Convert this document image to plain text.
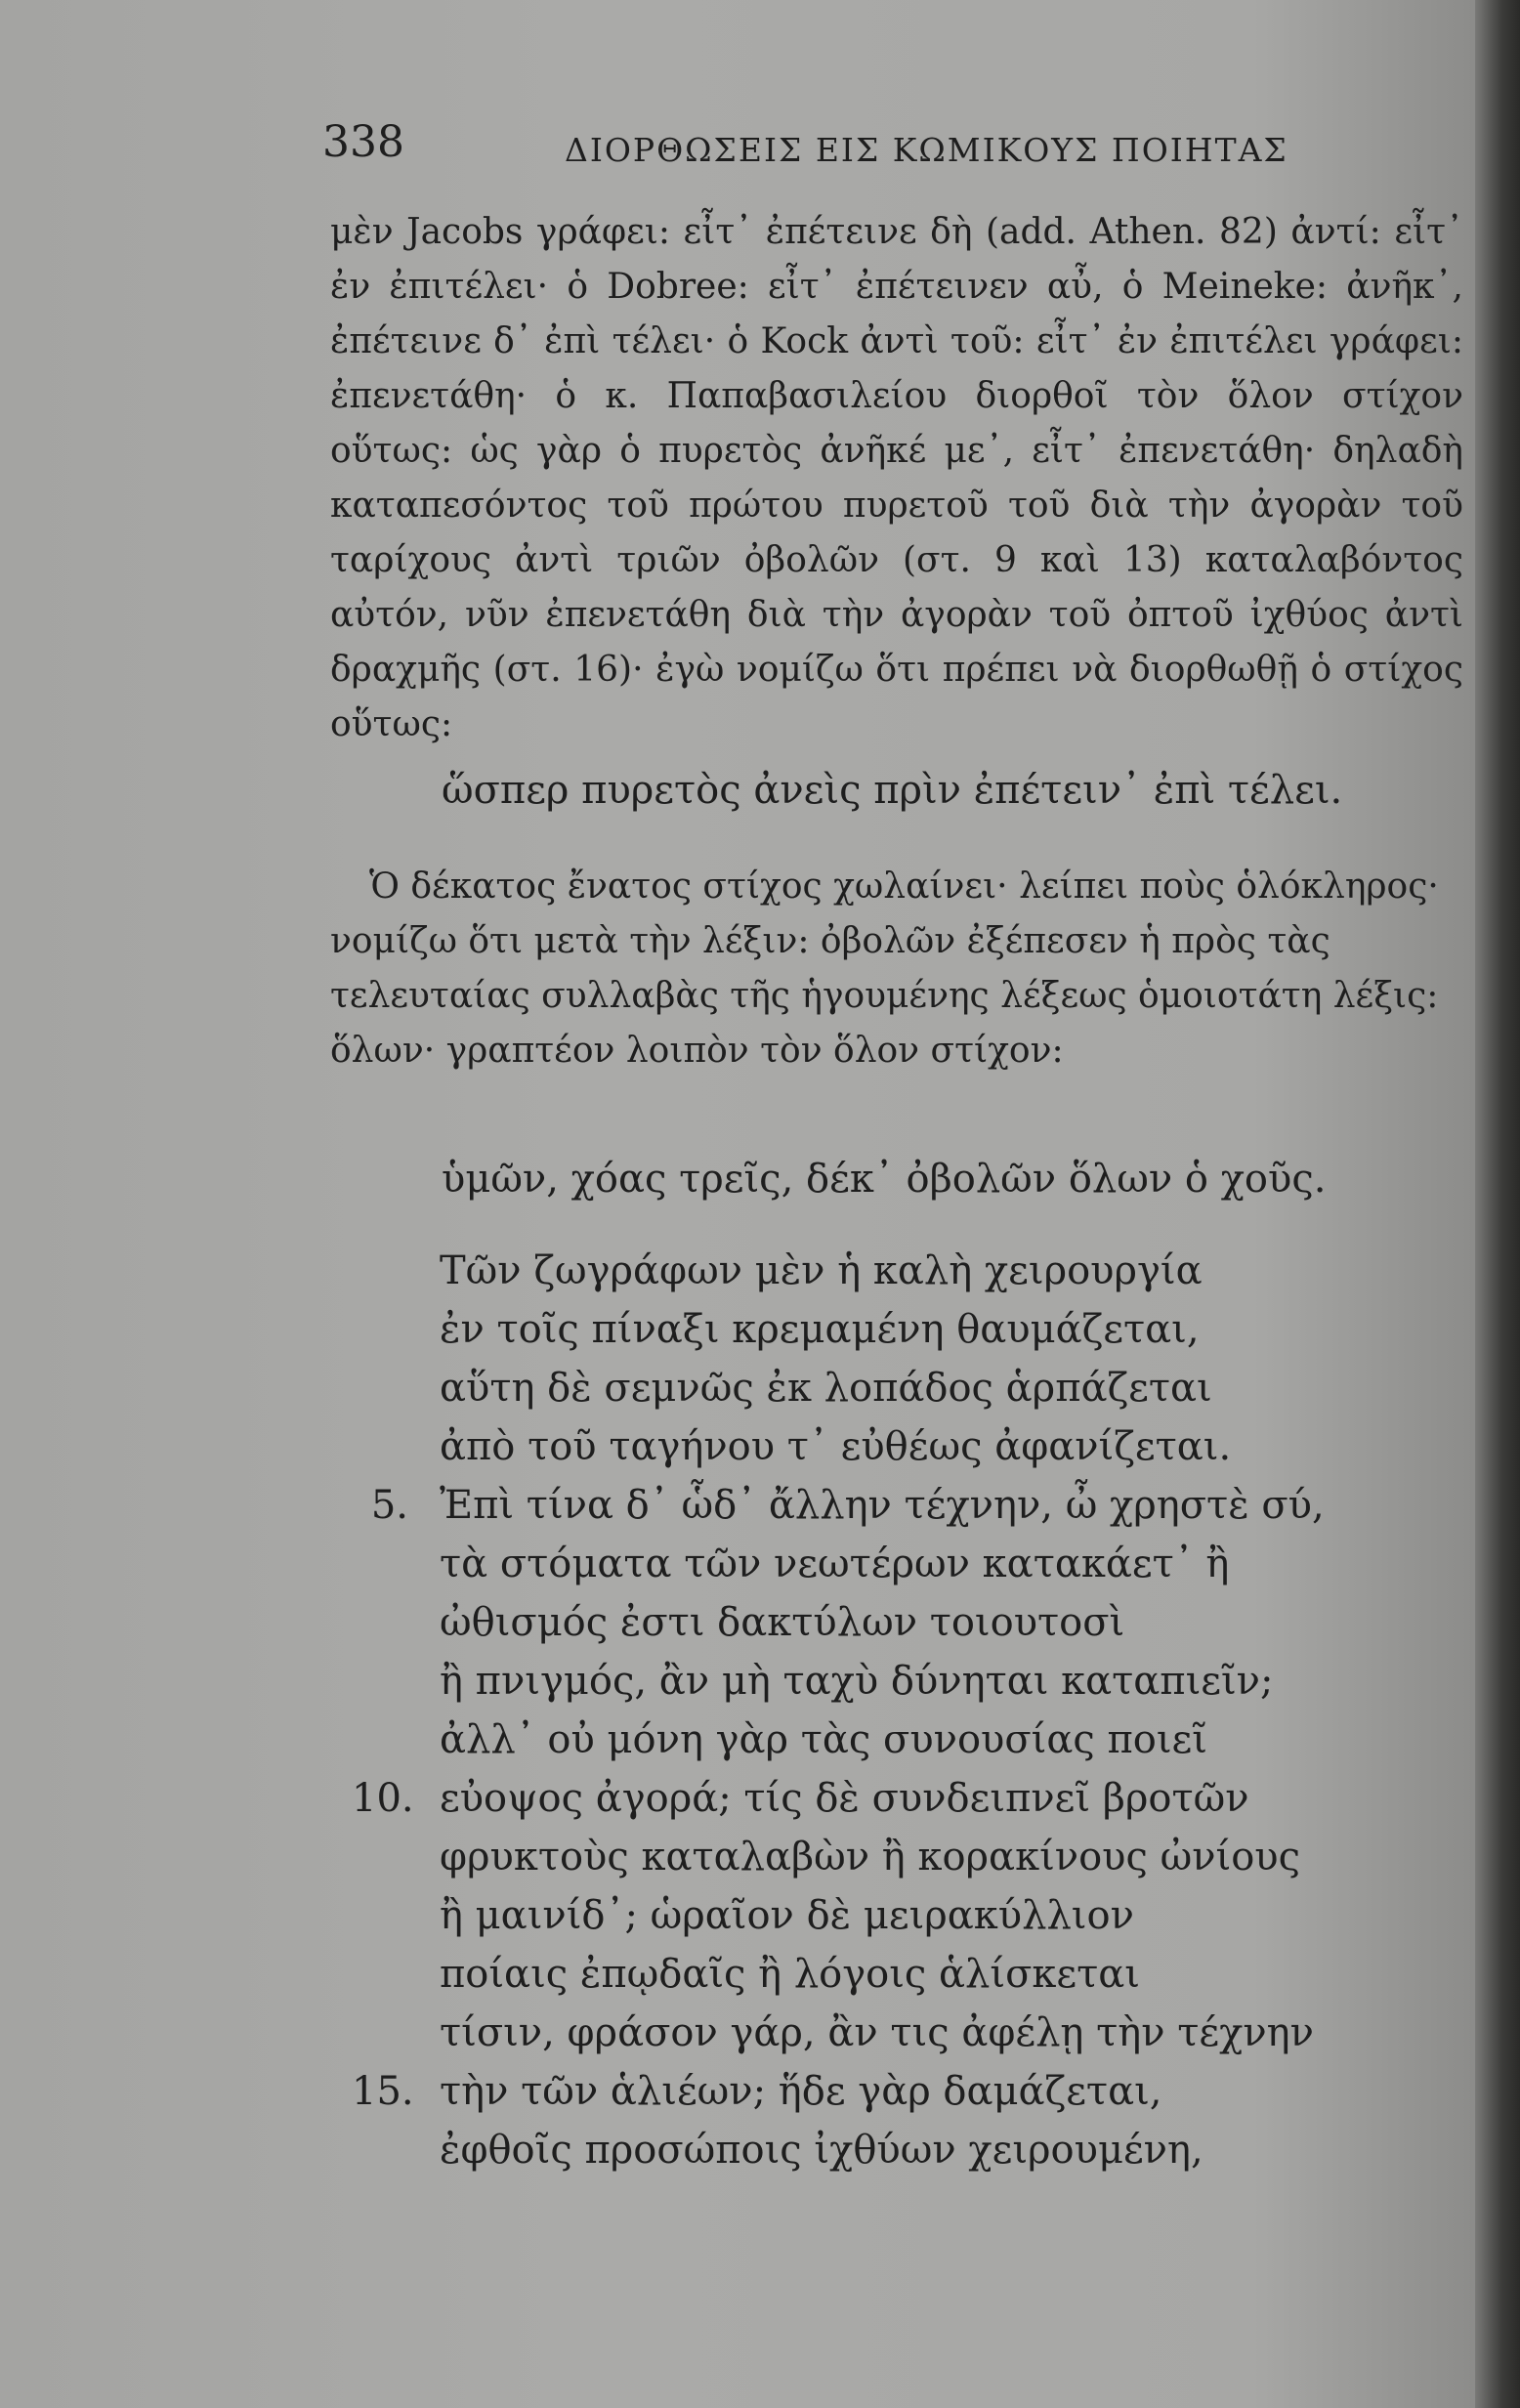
338	ΔΙΟΡΘΩΣΕΙΣ ΕΙΣ ΚΩΜΙΚΟΥΣ ΠΟΙΗΤΑΣ

μὲν Jacobs γράφει: εἶτ᾽ ἐπέτεινε δὴ (add. Athen. 82) ἀντί: εἶτ᾽ ἐν ἐπιτέλει· ὁ Dobree: εἶτ᾽ ἐπέτεινεν αὖ, ὁ Meineke: ἀνῆκ᾽, ἐπέτεινε δ᾽ ἐπὶ τέλει· ὁ Kock ἀντὶ τοῦ: εἶτ᾽ ἐν ἐπιτέλει γράφει: ἐπενετάθη· ὁ κ. Παπαβασιλείου διορθοῖ τὸν ὅλον στίχον οὕτως: ὡς γὰρ ὁ πυρετὸς ἀνῆκέ με᾽, εἶτ᾽ ἐπενετάθη· δηλαδὴ καταπεσόντος τοῦ πρώτου πυρετοῦ τοῦ διὰ τὴν ἀγορὰν τοῦ ταρίχους ἀντὶ τριῶν ὀβολῶν (στ. 9 καὶ 13) καταλαβόντος αὐτόν, νῦν ἐπενετάθη διὰ τὴν ἀγορὰν τοῦ ὀπτοῦ ἰχθύος ἀντὶ δραχμῆς (στ. 16)· ἐγὼ νομίζω ὅτι πρέπει νὰ διορθωθῇ ὁ στίχος οὕτως:

ὥσπερ πυρετὸς ἀνεὶς πρὶν ἐπέτειν᾽ ἐπὶ τέλει.

Ὁ δέκατος ἔνατος στίχος χωλαίνει· λείπει ποὺς ὁλόκληρος· νομίζω ὅτι μετὰ τὴν λέξιν: ὀβολῶν ἐξέπεσεν ἡ πρὸς τὰς τελευταίας συλλαβὰς τῆς ἡγουμένης λέξεως ὁμοιοτάτη λέξις: ὅλων· γραπτέον λοιπὸν τὸν ὅλον στίχον:

ὑμῶν, χόας τρεῖς, δέκ᾽ ὀβολῶν ὅλων ὁ χοῦς.
Τῶν ζωγράφων μὲν ἡ καλὴ χειρουργία
ἐν τοῖς πίναξι κρεμαμένη θαυμάζεται,
αὕτη δὲ σεμνῶς ἐκ λοπάδος ἁρπάζεται
ἀπὸ τοῦ ταγήνου τ᾽ εὐθέως ἀφανίζεται.
5. Ἐπὶ τίνα δ᾽ ὧδ᾽ ἄλλην τέχνην, ὦ χρηστὲ σύ,
τὰ στόματα τῶν νεωτέρων κατακάετ᾽ ἢ
ὠθισμός ἐστι δακτύλων τοιουτοσὶ
ἢ πνιγμός, ἂν μὴ ταχὺ δύνηται καταπιεῖν;
ἀλλ᾽ οὐ μόνη γὰρ τὰς συνουσίας ποιεῖ
10. εὐοψος ἀγορά; τίς δὲ συνδειπνεῖ βροτῶν
φρυκτοὺς καταλαβὼν ἢ κορακίνους ὠνίους
ἢ μαινίδ᾽; ὡραῖον δὲ μειρακύλλιον
ποίαις ἐπῳδαῖς ἢ λόγοις ἁλίσκεται
τίσιν, φράσον γάρ, ἂν τις ἀφέλῃ τὴν τέχνην
15. τὴν τῶν ἁλιέων; ἥδε γὰρ δαμάζεται,
ἐφθοῖς προσώποις ἰχθύων χειρουμένη,
